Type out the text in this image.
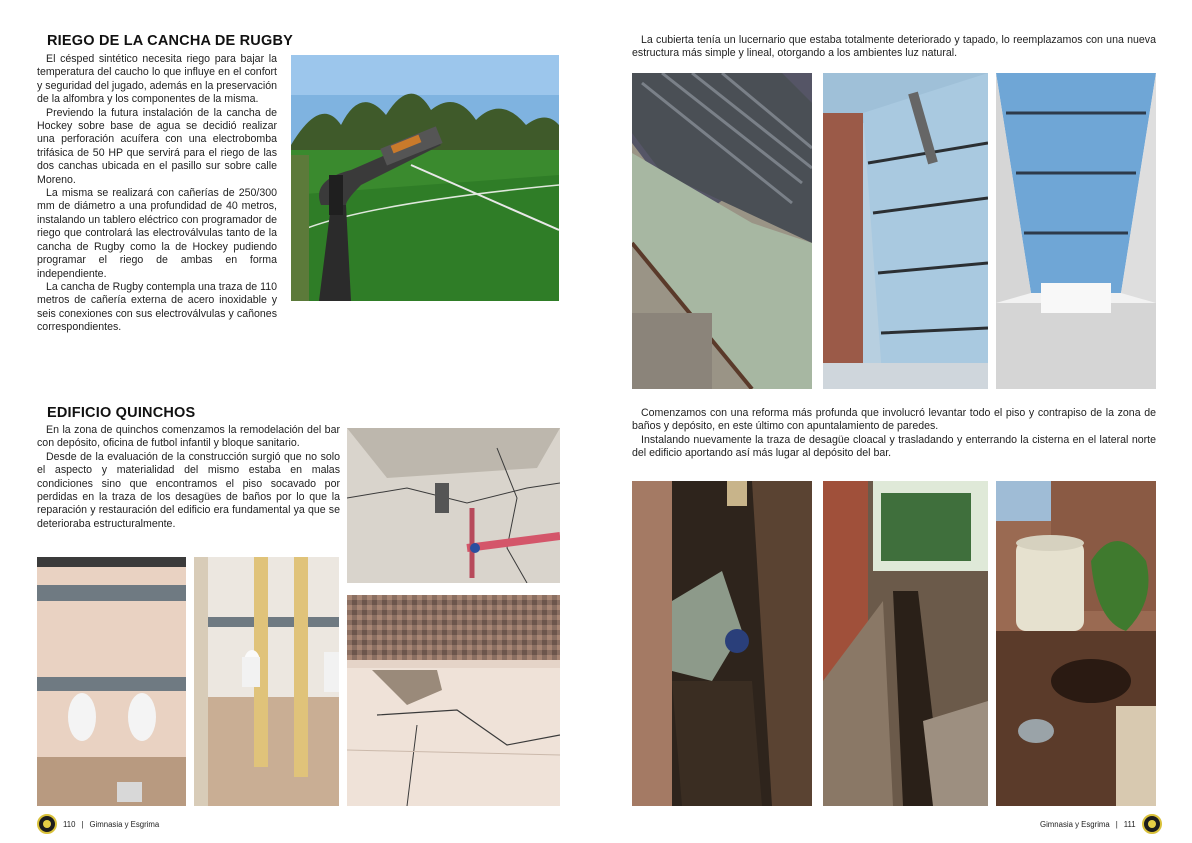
RIEGO DE LA CANCHA DE RUGBY

El césped sintético necesita riego para bajar la temperatura del caucho lo que influye en el confort y seguridad del jugado, además en la preservación de la alfombra y los componentes de la misma.

Previendo la futura instalación de la cancha de Hockey sobre base de agua se decidió realizar una perforación acuífera con una electrobomba trifásica de 50 HP que servirá para el riego de las dos canchas ubicada en el pasillo sur sobre calle Moreno.

La misma se realizará con cañerías de 250/300 mm de diámetro a una profundidad de 40 metros, instalando un tablero eléctrico con programador de riego que controlará las electroválvulas tanto de la cancha de Rugby como la de Hockey pudiendo programar el riego de ambas en forma independiente.

La cancha de Rugby contempla una traza de 110 metros de cañería externa de acero inoxidable y seis conexiones con sus electroválvulas y cañones correspondientes.

EDIFICIO QUINCHOS

En la zona de quinchos comenzamos la remodelación del bar con depósito, oficina de futbol infantil y bloque sanitario.

Desde de la evaluación de la construcción surgió que no solo el aspecto y materialidad del mismo estaba en malas condiciones sino que encontramos el piso socavado por perdidas en la traza de los desagües de baños por lo que la reparación y restauración del edificio era fundamental ya que se deterioraba estructuralmente.

110 | Gimnasia y Esgrima

La cubierta tenía un lucernario que estaba totalmente deteriorado y tapado, lo reemplazamos con una nueva estructura más simple y lineal, otorgando a los ambientes luz natural.

Comenzamos con una reforma más profunda que involucró levantar todo el piso y contrapiso de la zona de baños y depósito, en este último con apuntalamiento de paredes.

Instalando nuevamente la traza de desagüe cloacal y trasladando y enterrando la cisterna en el lateral norte del edificio aportando así más lugar al depósito del bar.

Gimnasia y Esgrima | 111
